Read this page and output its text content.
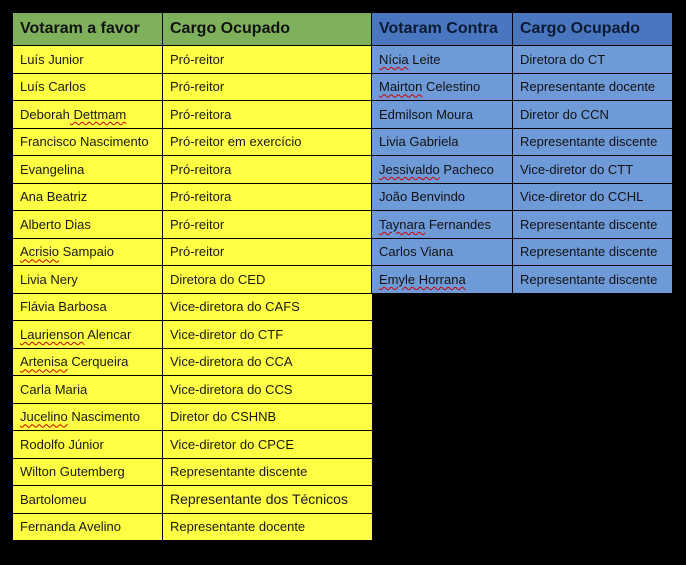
Votaram a favor	Cargo Ocupado
Luís Junior	Pró-reitor
Luís Carlos	Pró-reitor
Deborah Dettmam	Pró-reitora
Francisco Nascimento	Pró-reitor em exercício
Evangelina	Pró-reitora
Ana Beatriz	Pró-reitora
Alberto Dias	Pró-reitor
Acrisio Sampaio	Pró-reitor
Livia Nery	Diretora do CED
Flávia Barbosa	Vice-diretora do CAFS
Laurienson Alencar	Vice-diretor do CTF
Artenisa Cerqueira	Vice-diretora do CCA
Carla Maria	Vice-diretora do CCS
Jucelino Nascimento	Diretor do CSHNB
Rodolfo Júnior	Vice-diretor do CPCE
Wilton Gutemberg	Representante discente
Bartolomeu	Representante dos Técnicos
Fernanda Avelino	Representante docente
Votaram Contra	Cargo Ocupado
Nícia Leite	Diretora do CT
Mairton Celestino	Representante docente
Edmilson Moura	Diretor do CCN
Livia Gabriela	Representante discente
Jessivaldo Pacheco	Vice-diretor do CTT
João Benvindo	Vice-diretor do CCHL
Taynara Fernandes	Representante discente
Carlos Viana	Representante discente
Emyle Horrana	Representante discente
